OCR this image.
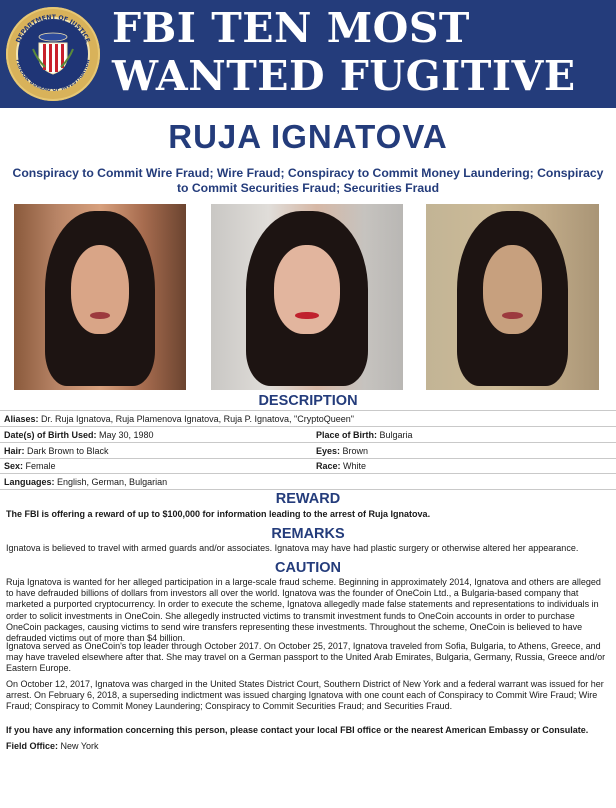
DEPARTMENT OF JUSTICE
FEDERAL BUREAU OF INVESTIGATION
FBI TEN MOST
WANTED FUGITIVE
RUJA IGNATOVA
Conspiracy to Commit Wire Fraud; Wire Fraud; Conspiracy to Commit Money Laundering; Conspiracy to Commit Securities Fraud; Securities Fraud
DESCRIPTION
Aliases: Dr. Ruja Ignatova, Ruja Plamenova Ignatova, Ruja P. Ignatova, "CryptoQueen"
Date(s) of Birth Used: May 30, 1980	Place of Birth: Bulgaria
Hair: Dark Brown to Black	Eyes: Brown
Sex: Female	Race: White
Languages: English, German, Bulgarian
REWARD
The FBI is offering a reward of up to $100,000 for information leading to the arrest of Ruja Ignatova.
REMARKS
Ignatova is believed to travel with armed guards and/or associates. Ignatova may have had plastic surgery or otherwise altered her appearance.
CAUTION
Ruja Ignatova is wanted for her alleged participation in a large-scale fraud scheme. Beginning in approximately 2014, Ignatova and others are alleged to have defrauded billions of dollars from investors all over the world. Ignatova was the founder of OneCoin Ltd., a Bulgaria-based company that marketed a purported cryptocurrency. In order to execute the scheme, Ignatova allegedly made false statements and representations to individuals in order to solicit investments in OneCoin. She allegedly instructed victims to transmit investment funds to OneCoin accounts in order to purchase OneCoin packages, causing victims to send wire transfers representing these investments. Throughout the scheme, OneCoin is believed to have defrauded victims out of more than $4 billion.
Ignatova served as OneCoin's top leader through October 2017. On October 25, 2017, Ignatova traveled from Sofia, Bulgaria, to Athens, Greece, and may have traveled elsewhere after that. She may travel on a German passport to the United Arab Emirates, Bulgaria, Germany, Russia, Greece and/or Eastern Europe.
On October 12, 2017, Ignatova was charged in the United States District Court, Southern District of New York and a federal warrant was issued for her arrest. On February 6, 2018, a superseding indictment was issued charging Ignatova with one count each of Conspiracy to Commit Wire Fraud; Wire Fraud; Conspiracy to Commit Money Laundering; Conspiracy to Commit Securities Fraud; and Securities Fraud.
If you have any information concerning this person, please contact your local FBI office or the nearest American Embassy or Consulate.
Field Office: New York
